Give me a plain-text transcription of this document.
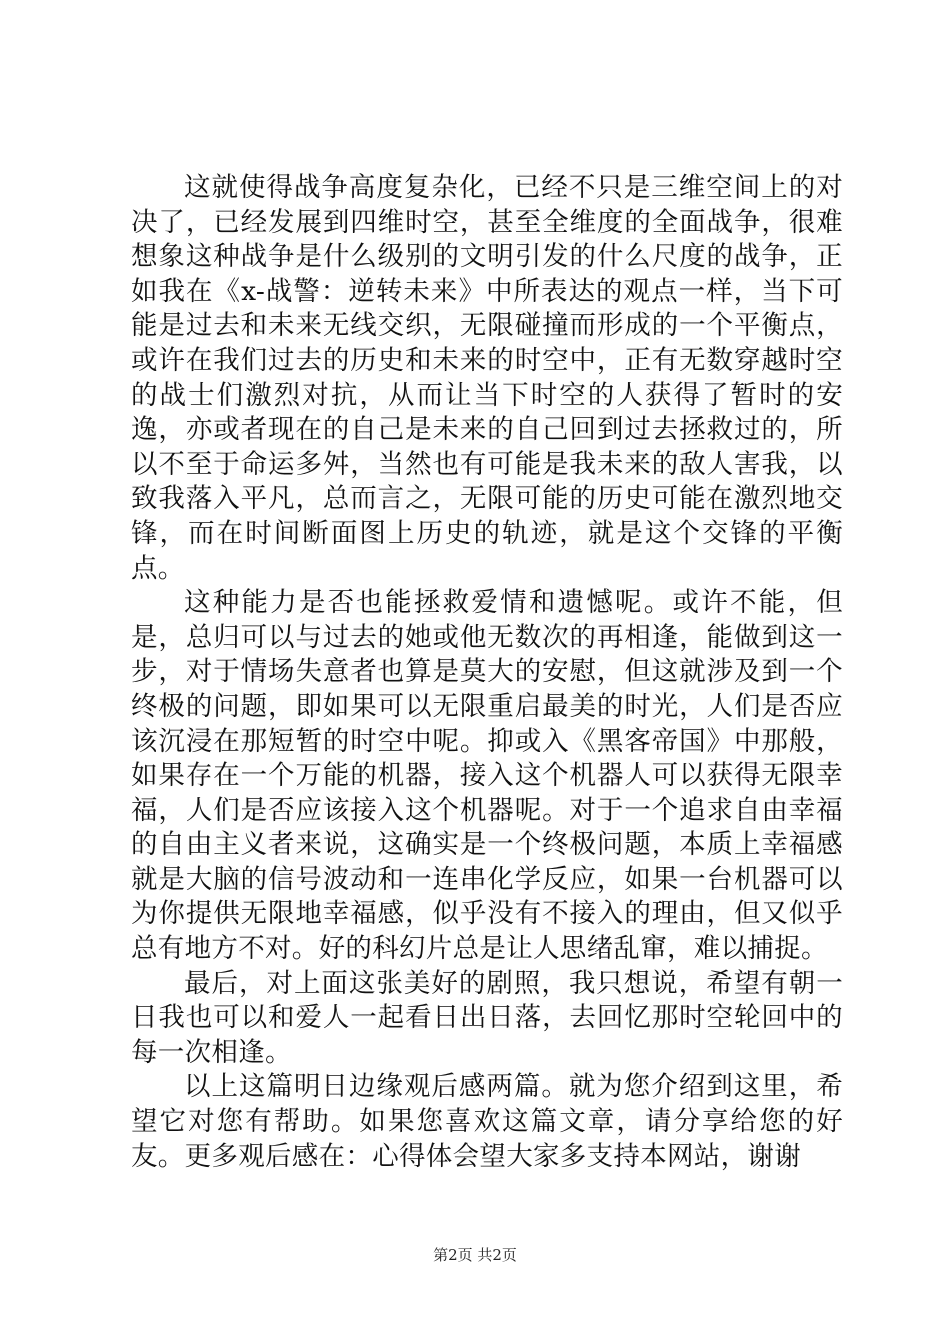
这就使得战争高度复杂化，已经不只是三维空间上的对决了，已经发展到四维时空，甚至全维度的全面战争，很难想象这种战争是什么级别的文明引发的什么尺度的战争，正如我在《x-战警：逆转未来》中所表达的观点一样，当下可能是过去和未来无线交织，无限碰撞而形成的一个平衡点，或许在我们过去的历史和未来的时空中，正有无数穿越时空的战士们激烈对抗，从而让当下时空的人获得了暂时的安逸，亦或者现在的自己是未来的自己回到过去拯救过的，所以不至于命运多舛，当然也有可能是我未来的敌人害我，以致我落入平凡，总而言之，无限可能的历史可能在激烈地交锋，而在时间断面图上历史的轨迹，就是这个交锋的平衡点。

这种能力是否也能拯救爱情和遗憾呢。或许不能，但是，总归可以与过去的她或他无数次的再相逢，能做到这一步，对于情场失意者也算是莫大的安慰，但这就涉及到一个终极的问题，即如果可以无限重启最美的时光，人们是否应该沉浸在那短暂的时空中呢。抑或入《黑客帝国》中那般，如果存在一个万能的机器，接入这个机器人可以获得无限幸福，人们是否应该接入这个机器呢。对于一个追求自由幸福的自由主义者来说，这确实是一个终极问题，本质上幸福感就是大脑的信号波动和一连串化学反应，如果一台机器可以为你提供无限地幸福感，似乎没有不接入的理由，但又似乎总有地方不对。好的科幻片总是让人思绪乱窜，难以捕捉。

最后，对上面这张美好的剧照，我只想说，希望有朝一日我也可以和爱人一起看日出日落，去回忆那时空轮回中的每一次相逢。

以上这篇明日边缘观后感两篇。就为您介绍到这里，希望它对您有帮助。如果您喜欢这篇文章，请分享给您的好友。更多观后感在：心得体会望大家多支持本网站，谢谢

第2页 共2页
